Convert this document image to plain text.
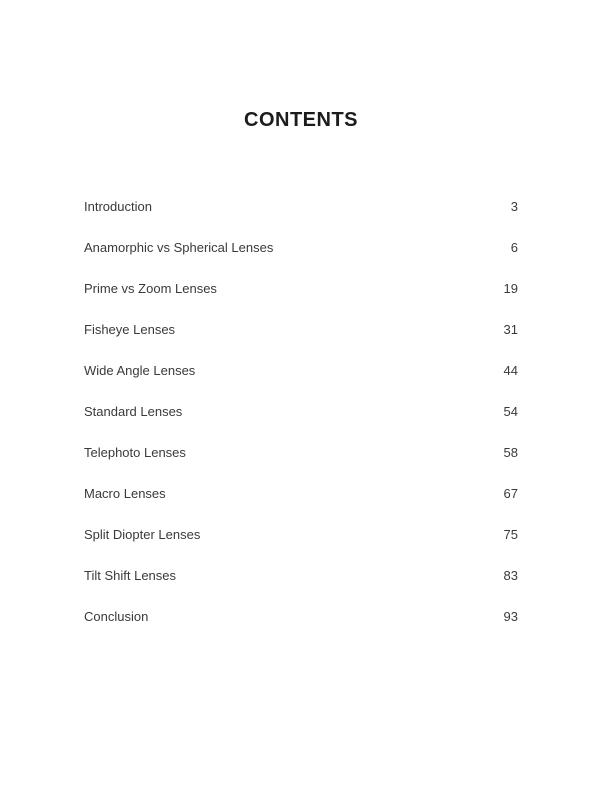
CONTENTS
Introduction	3
Anamorphic vs Spherical Lenses	6
Prime vs Zoom Lenses	19
Fisheye Lenses	31
Wide Angle Lenses	44
Standard Lenses	54
Telephoto Lenses	58
Macro Lenses	67
Split Diopter Lenses	75
Tilt Shift Lenses	83
Conclusion	93
